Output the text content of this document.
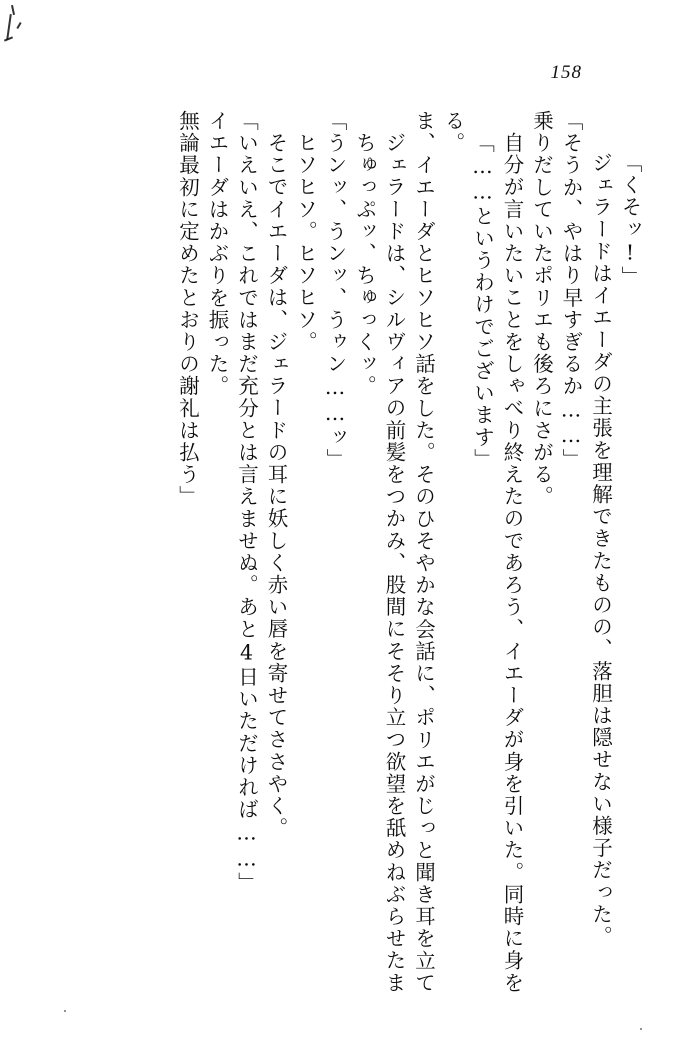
158
無論最初に定めたとおりの謝礼は払う」 イエーダはかぶりを振った。 「いえいえ、これではまだ充分とは言えませぬ。あと4日いただければ……」 そこでイエーダは、ジェラードの耳に妖しく赤い唇を寄せてささやく。 ヒソヒソ。ヒソヒソ。 「うンッ、うンッ、うゥン……ッ」 ちゅっぷッ、ちゅっくッ。 ジェラードは、シルヴィアの前髪をつかみ、股間にそそり立つ欲望を舐めねぶらせたま ま、イエーダとヒソヒソ話をした。そのひそやかな会話に、ポリエがじっと聞き耳を立て る。 「……というわけでございます」 自分が言いたいことをしゃべり終えたのであろう、イエーダが身を引いた。同時に身を 乗りだしていたポリエも後ろにさがる。 「そうか、やはり早すぎるか……」 ジェラードはイエーダの主張を理解できたものの、落胆は隠せない様子だった。 「くそッ!」
